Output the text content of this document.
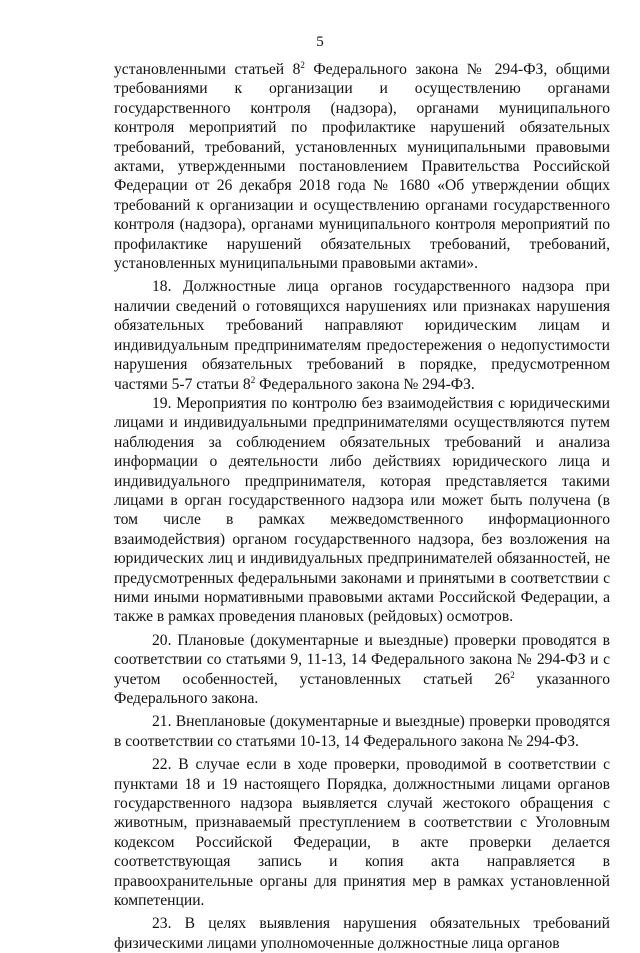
5

установленными статьей $8^2$ Федерального закона № 294-ФЗ, общими требованиями к организации и осуществлению органами государственного контроля (надзора), органами муниципального контроля мероприятий по профилактике нарушений обязательных требований, требований, установленных муниципальными правовыми актами, утвержденными постановлением Правительства Российской Федерации от 26 декабря 2018 года № 1680 «Об утверждении общих требований к организации и осуществлению органами государственного контроля (надзора), органами муниципального контроля мероприятий по профилактике нарушений обязательных требований, требований, установленных муниципальными правовыми актами».

18. Должностные лица органов государственного надзора при наличии сведений о готовящихся нарушениях или признаках нарушения обязательных требований направляют юридическим лицам и индивидуальным предпринимателям предостережения о недопустимости нарушения обязательных требований в порядке, предусмотренном частями 5-7 статьи $8^2$ Федерального закона № 294-ФЗ.

19. Мероприятия по контролю без взаимодействия с юридическими лицами и индивидуальными предпринимателями осуществляются путем наблюдения за соблюдением обязательных требований и анализа информации о деятельности либо действиях юридического лица и индивидуального предпринимателя, которая представляется такими лицами в орган государственного надзора или может быть получена (в том числе в рамках межведомственного информационного взаимодействия) органом государственного надзора, без возложения на юридических лиц и индивидуальных предпринимателей обязанностей, не предусмотренных федеральными законами и принятыми в соответствии с ними иными нормативными правовыми актами Российской Федерации, а также в рамках проведения плановых (рейдовых) осмотров.

20. Плановые (документарные и выездные) проверки проводятся в соответствии со статьями 9, 11-13, 14 Федерального закона № 294-ФЗ и с учетом особенностей, установленных статьей $26^2$ указанного Федерального закона.

21. Внеплановые (документарные и выездные) проверки проводятся в соответствии со статьями 10-13, 14 Федерального закона № 294-ФЗ.

22. В случае если в ходе проверки, проводимой в соответствии с пунктами 18 и 19 настоящего Порядка, должностными лицами органов государственного надзора выявляется случай жестокого обращения с животным, признаваемый преступлением в соответствии с Уголовным кодексом Российской Федерации, в акте проверки делается соответствующая запись и копия акта направляется в правоохранительные органы для принятия мер в рамках установленной компетенции.

23. В целях выявления нарушения обязательных требований физическими лицами уполномоченные должностные лица органов
